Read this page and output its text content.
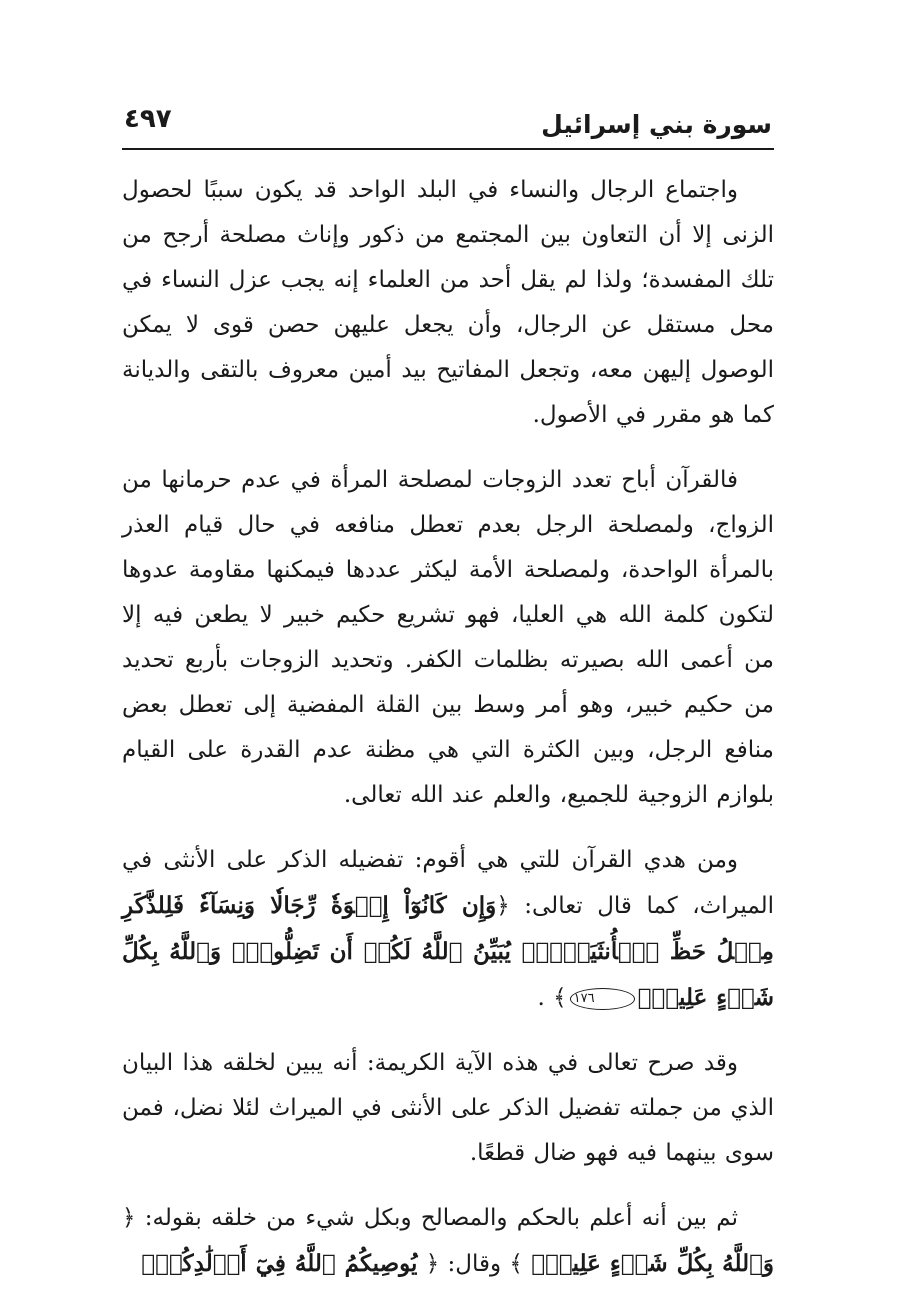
سورة بني إسرائيل
٤٩٧

واجتماع الرجال والنساء في البلد الواحد قد يكون سببًا لحصول الزنى إلا أن التعاون بين المجتمع من ذكور وإناث مصلحة أرجح من تلك المفسدة؛ ولذا لم يقل أحد من العلماء إنه يجب عزل النساء في محل مستقل عن الرجال، وأن يجعل عليهن حصن قوى لا يمكن الوصول إليهن معه، وتجعل المفاتيح بيد أمين معروف بالتقى والديانة كما هو مقرر في الأصول.

فالقرآن أباح تعدد الزوجات لمصلحة المرأة في عدم حرمانها من الزواج، ولمصلحة الرجل بعدم تعطل منافعه في حال قيام العذر بالمرأة الواحدة، ولمصلحة الأمة ليكثر عددها فيمكنها مقاومة عدوها لتكون كلمة الله هي العليا، فهو تشريع حكيم خبير لا يطعن فيه إلا من أعمى الله بصيرته بظلمات الكفر. وتحديد الزوجات بأربع تحديد من حكيم خبير، وهو أمر وسط بين القلة المفضية إلى تعطل بعض منافع الرجل، وبين الكثرة التي هي مظنة عدم القدرة على القيام بلوازم الزوجية للجميع، والعلم عند الله تعالى.

ومن هدي القرآن للتي هي أقوم: تفضيله الذكر على الأنثى في الميراث، كما قال تعالى: ﴿وَإِن كَانُوٓاْ إِخۡوَةٗ رِّجَالٗا وَنِسَآءٗ فَلِلذَّكَرِ مِثۡلُ حَظِّ ٱلۡأُنثَيَيۡنِۗ يُبَيِّنُ ٱللَّهُ لَكُمۡ أَن تَضِلُّواْۗ وَٱللَّهُ بِكُلِّ شَيۡءٍ عَلِيمُۢ١٧٦﴾ .

وقد صرح تعالى في هذه الآية الكريمة: أنه يبين لخلقه هذا البيان الذي من جملته تفضيل الذكر على الأنثى في الميراث لئلا نضل، فمن سوى بينهما فيه فهو ضال قطعًا.

ثم بين أنه أعلم بالحكم والمصالح وبكل شيء من خلقه بقوله: ﴿ وَٱللَّهُ بِكُلِّ شَيۡءٍ عَلِيمُۢ ﴾ وقال: ﴿ يُوصِيكُمُ ٱللَّهُ فِيٓ أَوۡلَٰدِكُمۡۖ
